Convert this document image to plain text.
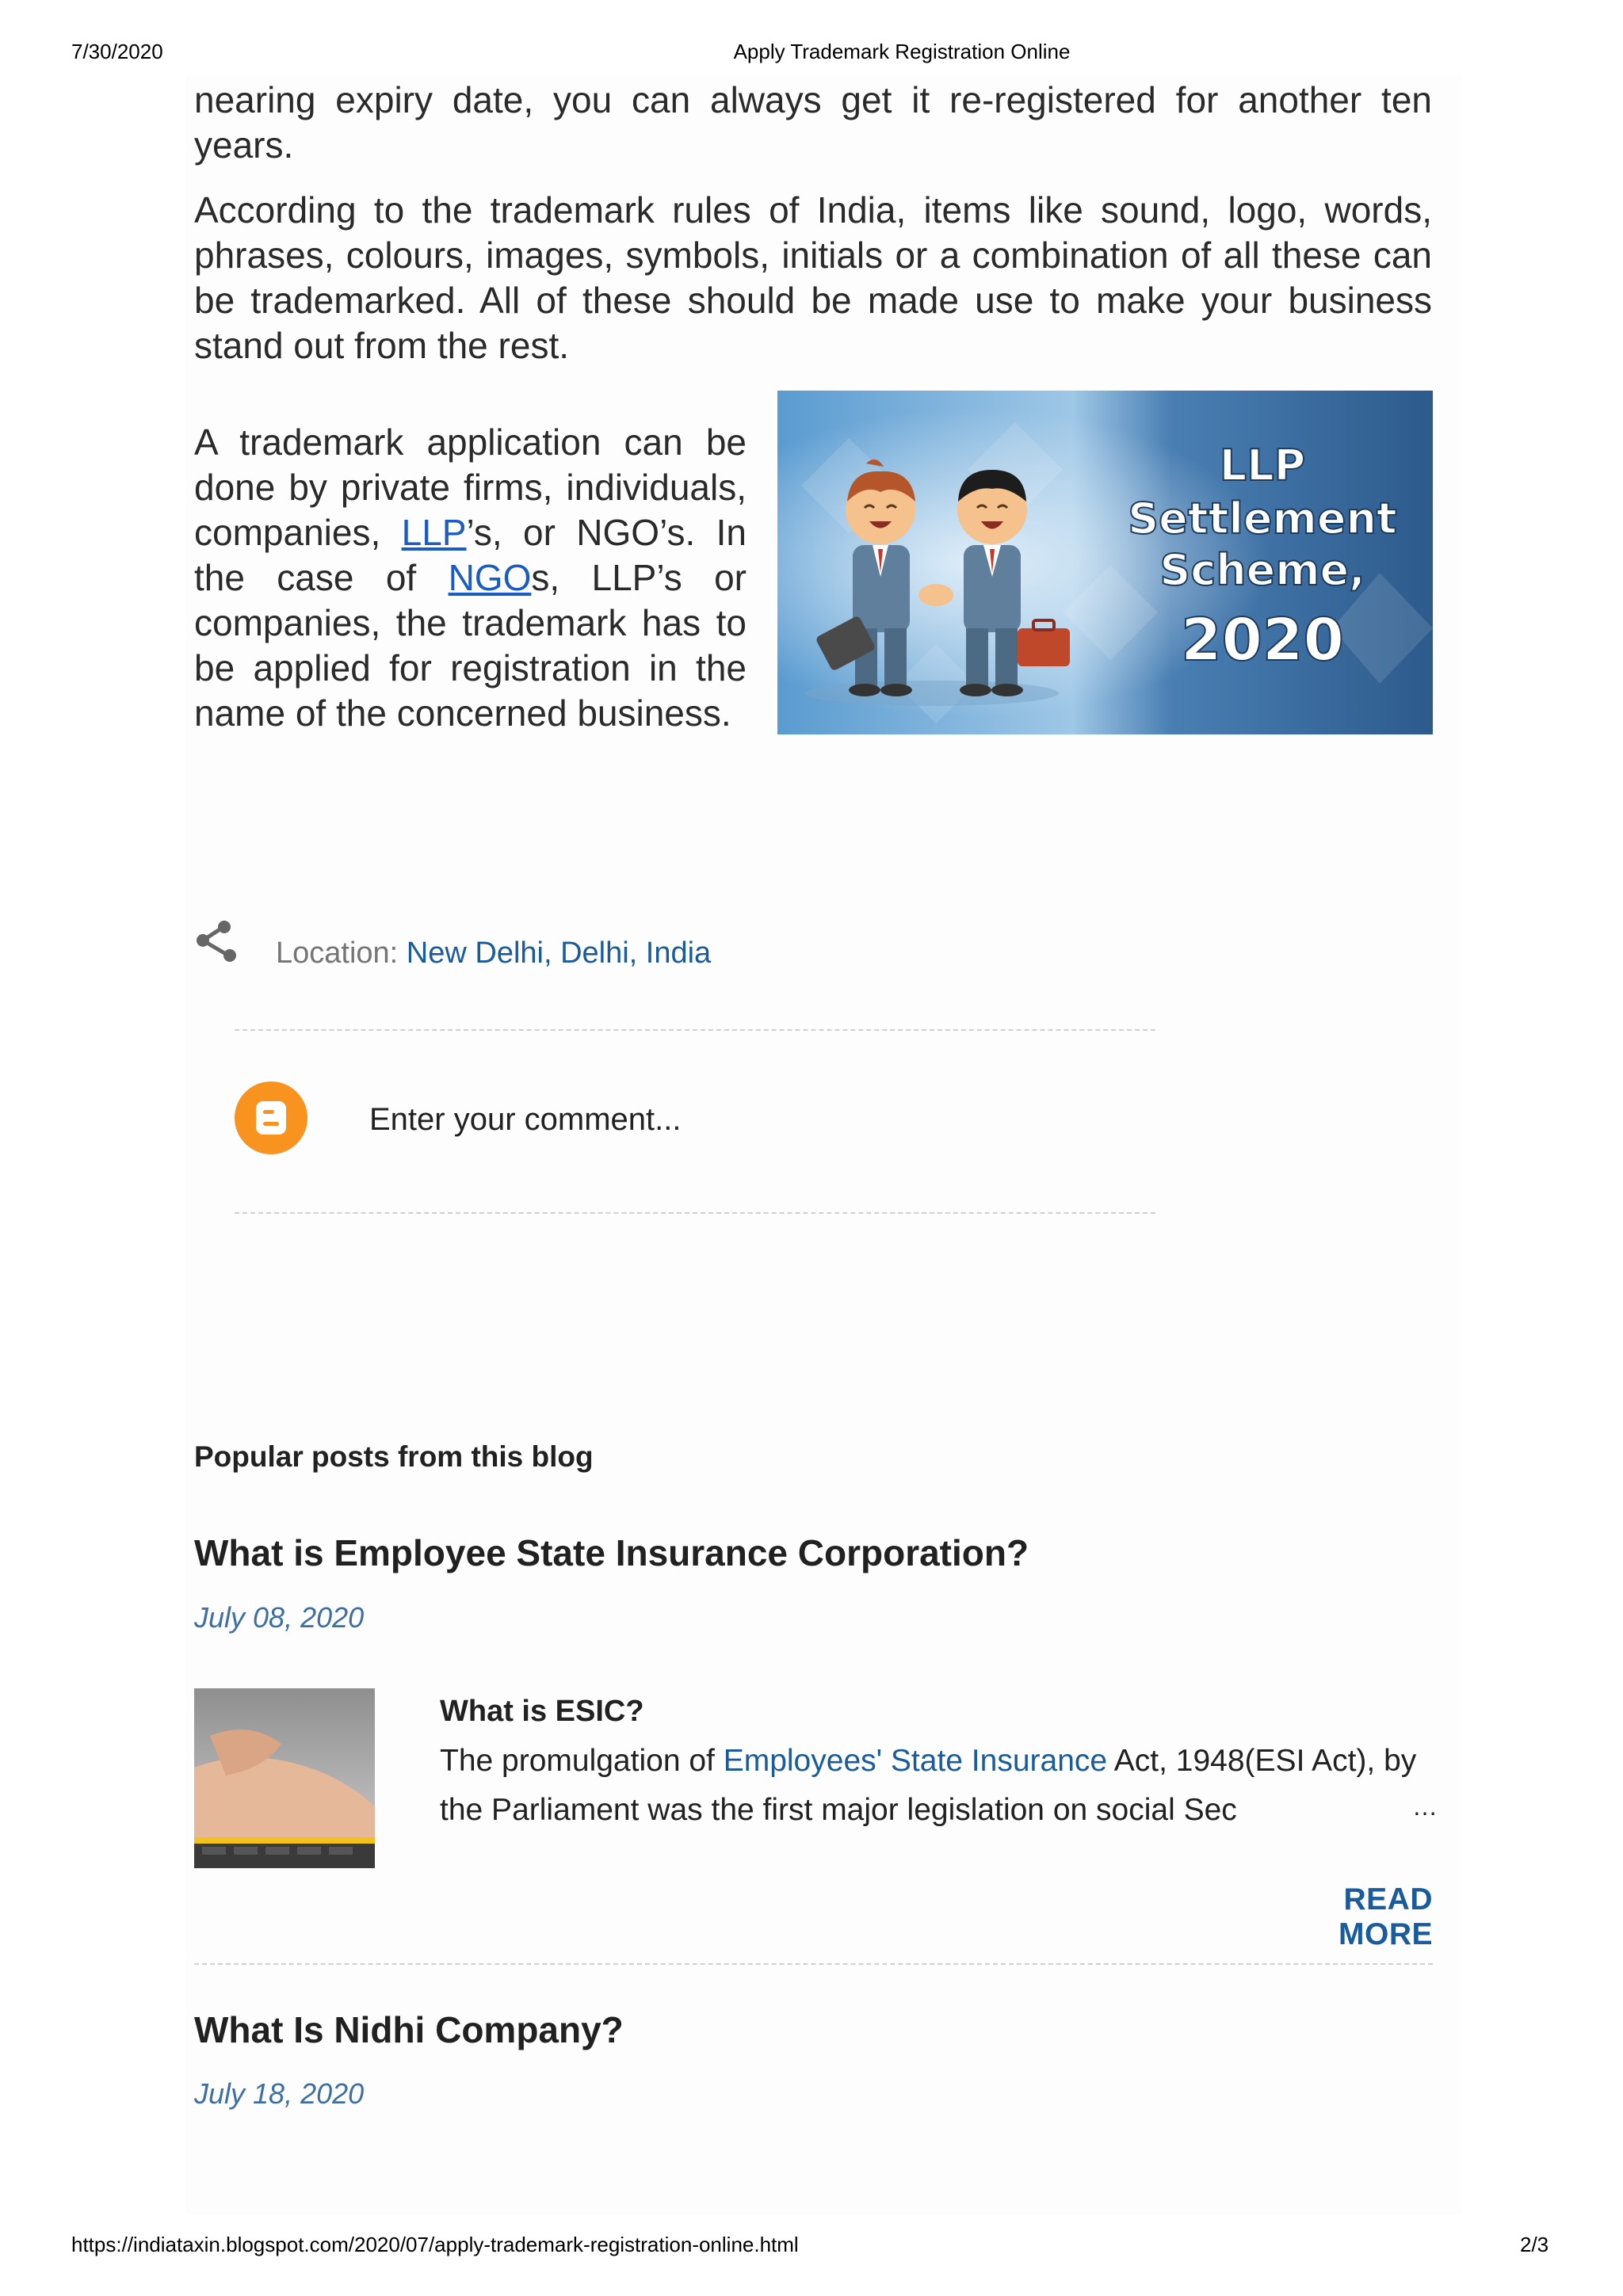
7/30/2020	Apply Trademark Registration Online
nearing expiry date, you can always get it re-registered for another ten years.
According to the trademark rules of India, items like sound, logo, words, phrases, colours, images, symbols, initials or a combination of all these can be trademarked. All of these should be made use to make your business stand out from the rest.
A trademark application can be done by private firms, individuals, companies, LLP’s, or NGO’s. In the case of NGOs, LLP’s or companies, the trademark has to be applied for registration in the name of the concerned business.
LLP
Settlement
Scheme,
2020
Location: New Delhi, Delhi, India
Enter your comment...
Popular posts from this blog
What is Employee State Insurance Corporation?
July 08, 2020
What is ESIC?
The promulgation of Employees' State Insurance Act, 1948(ESI Act), by the Parliament was the first major legislation on social Sec	…
READ MORE
What Is Nidhi Company?
July 18, 2020
https://indiataxin.blogspot.com/2020/07/apply-trademark-registration-online.html	2/3
